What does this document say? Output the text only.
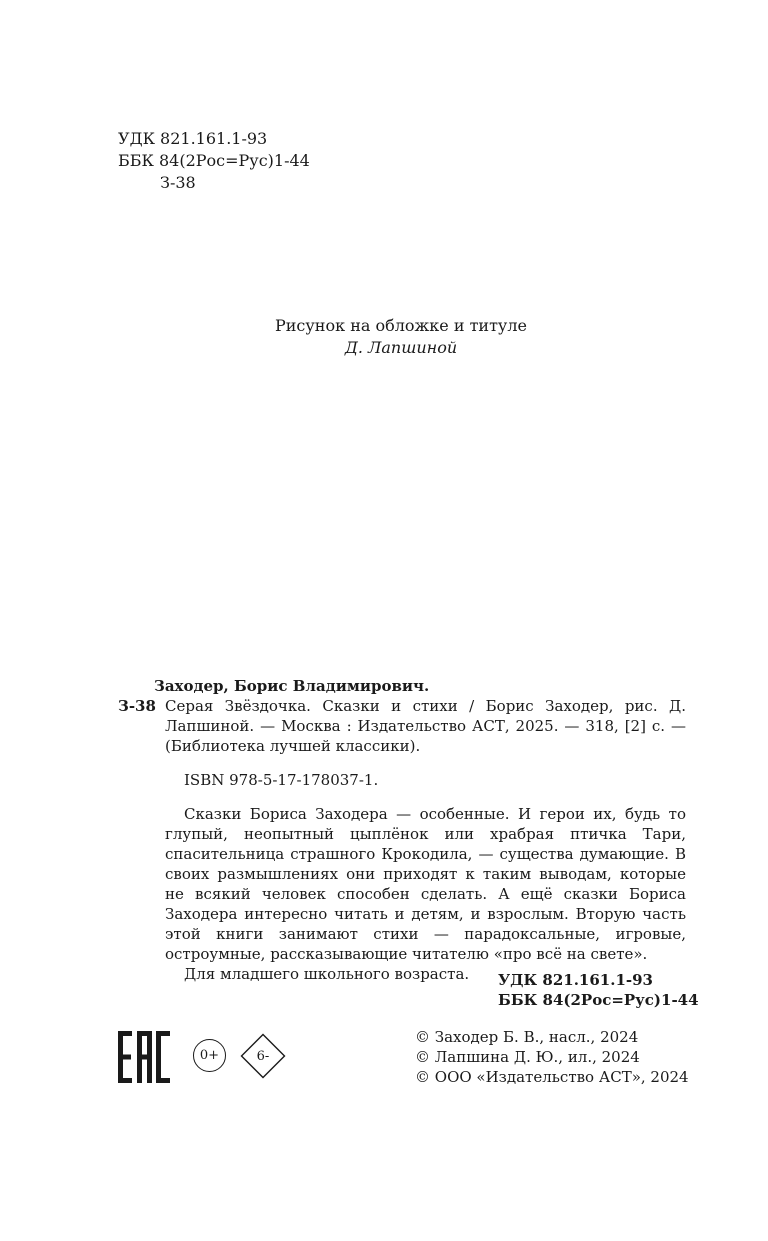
УДК 821.161.1-93
ББК 84(2Рос=Рус)1-44
З-38
Рисунок на обложке и титуле
Д. Лапшиной
Заходер, Борис Владимирович.
З-38 Серая Звёздочка. Сказки и стихи / Борис Заходер, рис. Д. Лапшиной. — Москва : Издательство АСТ, 2025. — 318, [2] с. — (Библиотека лучшей классики).
ISBN 978-5-17-178037-1.
Сказки Бориса Заходера — особенные. И герои их, будь то глупый, неопытный цыплёнок или храбрая птичка Тари, спасительница страшного Крокодила, — существа думающие. В своих размышлениях они приходят к таким выводам, которые не всякий человек способен сделать. А ещё сказки Бориса Заходера интересно читать и детям, и взрослым. Вторую часть этой книги занимают стихи — парадоксальные, игровые, остроумные, рассказывающие читателю «про всё на свете».
Для младшего школьного возраста.	УДК 821.161.1-93
ББК 84(2Рос=Рус)1-44
© Заходер Б. В., насл., 2024
© Лапшина Д. Ю., ил., 2024
© ООО «Издательство АСТ», 2024
0+	6-
